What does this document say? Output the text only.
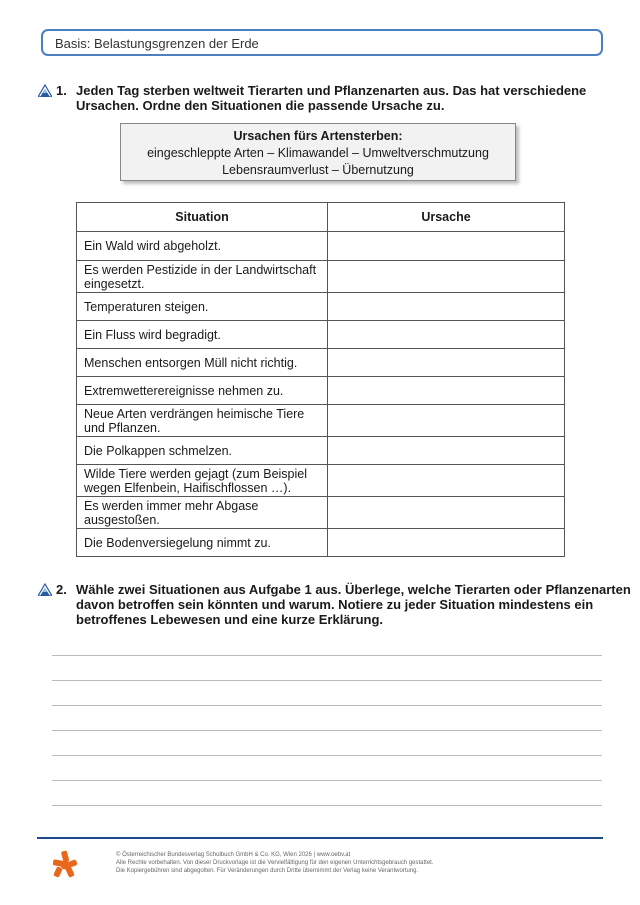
Basis: Belastungsgrenzen der Erde
1. Jeden Tag sterben weltweit Tierarten und Pflanzenarten aus. Das hat verschiedene Ursachen. Ordne den Situationen die passende Ursache zu.
Ursachen fürs Artensterben:
eingeschleppte Arten – Klimawandel – Umweltverschmutzung
Lebensraumverlust – Übernutzung
Situation	Ursache
Ein Wald wird abgeholzt.	
Es werden Pestizide in der Landwirtschaft eingesetzt.	
Temperaturen steigen.	
Ein Fluss wird begradigt.	
Menschen entsorgen Müll nicht richtig.	
Extremwetterereignisse nehmen zu.	
Neue Arten verdrängen heimische Tiere und Pflanzen.	
Die Polkappen schmelzen.	
Wilde Tiere werden gejagt (zum Beispiel wegen Elfenbein, Haifischflossen …).	
Es werden immer mehr Abgase ausgestoßen.	
Die Bodenversiegelung nimmt zu.	
2. Wähle zwei Situationen aus Aufgabe 1 aus. Überlege, welche Tierarten oder Pflanzenarten davon betroffen sein könnten und warum. Notiere zu jeder Situation mindestens ein betroffenes Lebewesen und eine kurze Erklärung.
© Österreichischer Bundesverlag Schulbuch GmbH & Co. KG, Wien 2026 | www.oebv.at
Alle Rechte vorbehalten. Von dieser Druckvorlage ist die Vervielfältigung für den eigenen Unterrichtsgebrauch gestattet.
Die Kopiergebühren sind abgegolten. Für Veränderungen durch Dritte übernimmt der Verlag keine Verantwortung.
